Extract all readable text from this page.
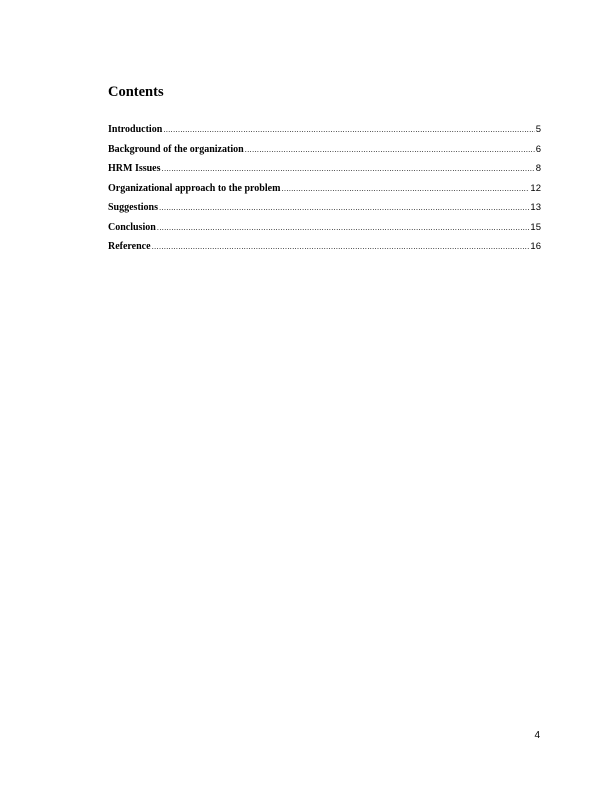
Contents
Introduction .....	5
Background of the organization .....	6
HRM Issues .....	8
Organizational approach to the problem .....	12
Suggestions .....	13
Conclusion .....	15
Reference .....	16
4
